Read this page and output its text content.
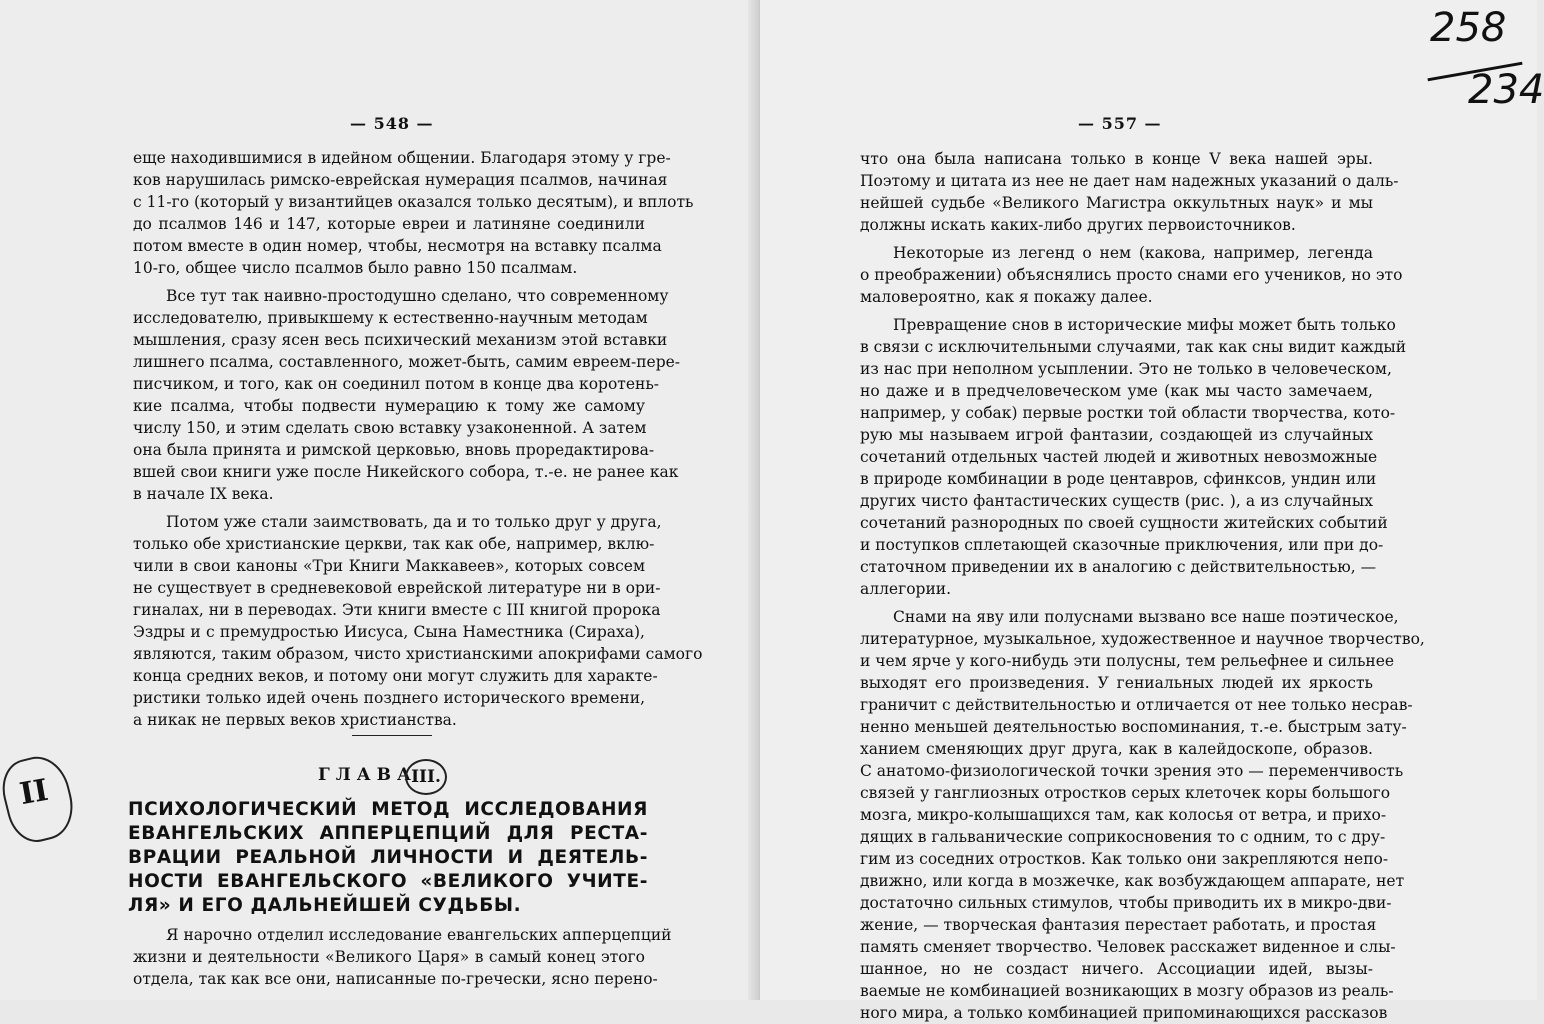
— 548 —
еще находившимися в идейном общении. Благодаря этому у гре-
ков нарушилась римско-еврейская нумерация псалмов, начиная
с 11-го (который у византийцев оказался только десятым), и вплоть
до псалмов 146 и 147, которые евреи и латиняне соединили
потом вместе в один номер, чтобы, несмотря на вставку псалма
10-го, общее число псалмов было равно 150 псалмам.
Все тут так наивно-простодушно сделано, что современному
исследователю, привыкшему к естественно-научным методам
мышления, сразу ясен весь психический механизм этой вставки
лишнего псалма, составленного, может-быть, самим евреем-пере-
писчиком, и того, как он соединил потом в конце два коротень-
кие псалма, чтобы подвести нумерацию к тому же самому
числу 150, и этим сделать свою вставку узаконенной. А затем
она была принята и римской церковью, вновь проредактирова-
вшей свои книги уже после Никейского собора, т.-е. не ранее как
в начале IX века.
Потом уже стали заимствовать, да и то только друг у друга,
только обе христианские церкви, так как обе, например, вклю-
чили в свои каноны «Три Книги Маккавеев», которых совсем
не существует в средневековой еврейской литературе ни в ори-
гиналах, ни в переводах. Эти книги вместе с III книгой пророка
Эздры и с премудростью Иисуса, Сына Наместника (Сираха),
являются, таким образом, чисто христианскими апокрифами самого
конца средних веков, и потому они могут служить для характе-
ристики только идей очень позднего исторического времени,
а никак не первых веков христианства.
ГЛАВА
III.
ПСИХОЛОГИЧЕСКИЙ МЕТОД ИССЛЕДОВАНИЯ
ЕВАНГЕЛЬСКИХ АППЕРЦЕПЦИЙ ДЛЯ РЕСТА-
ВРАЦИИ РЕАЛЬНОЙ ЛИЧНОСТИ И ДЕЯТЕЛЬ-
НОСТИ ЕВАНГЕЛЬСКОГО «ВЕЛИКОГО УЧИТЕ-
ЛЯ» И ЕГО ДАЛЬНЕЙШЕЙ СУДЬБЫ.
Я нарочно отделил исследование евангельских апперцепций
жизни и деятельности «Великого Царя» в самый конец этого
отдела, так как все они, написанные по-гречески, ясно перено-
II
— 557 —
что она была написана только в конце V века нашей эры.
Поэтому и цитата из нее не дает нам надежных указаний о даль-
нейшей судьбе «Великого Магистра оккультных наук» и мы
должны искать каких-либо других первоисточников.
Некоторые из легенд о нем (какова, например, легенда
о преображении) объяснялись просто снами его учеников, но это
маловероятно, как я покажу далее.
Превращение снов в исторические мифы может быть только
в связи с исключительными случаями, так как сны видит каждый
из нас при неполном усыплении. Это не только в человеческом,
но даже и в предчеловеческом уме (как мы часто замечаем,
например, у собак) первые ростки той области творчества, кото-
рую мы называем игрой фантазии, создающей из случайных
сочетаний отдельных частей людей и животных невозможные
в природе комбинации в роде центавров, сфинксов, ундин или
других чисто фантастических существ (рис. ), а из случайных
сочетаний разнородных по своей сущности житейских событий
и поступков сплетающей сказочные приключения, или при до-
статочном приведении их в аналогию с действительностью, —
аллегории.
Снами на яву или полуснами вызвано все наше поэтическое,
литературное, музыкальное, художественное и научное творчество,
и чем ярче у кого-нибудь эти полусны, тем рельефнее и сильнее
выходят его произведения. У гениальных людей их яркость
граничит с действительностью и отличается от нее только несрав-
ненно меньшей деятельностью воспоминания, т.-е. быстрым зату-
ханием сменяющих друг друга, как в калейдоскопе, образов.
С анатомо-физиологической точки зрения это — переменчивость
связей у ганглиозных отростков серых клеточек коры большого
мозга, микро-колышащихся там, как колосья от ветра, и прихо-
дящих в гальванические соприкосновения то с одним, то с дру-
гим из соседних отростков. Как только они закрепляются непо-
движно, или когда в мозжечке, как возбуждающем аппарате, нет
достаточно сильных стимулов, чтобы приводить их в микро-дви-
жение, — творческая фантазия перестает работать, и простая
память сменяет творчество. Человек расскажет виденное и слы-
шанное, но не создаст ничего. Ассоциации идей, вызы-
ваемые не комбинацией возникающих в мозгу образов из реаль-
ного мира, а только комбинацией припоминающихся рассказов
258
234
